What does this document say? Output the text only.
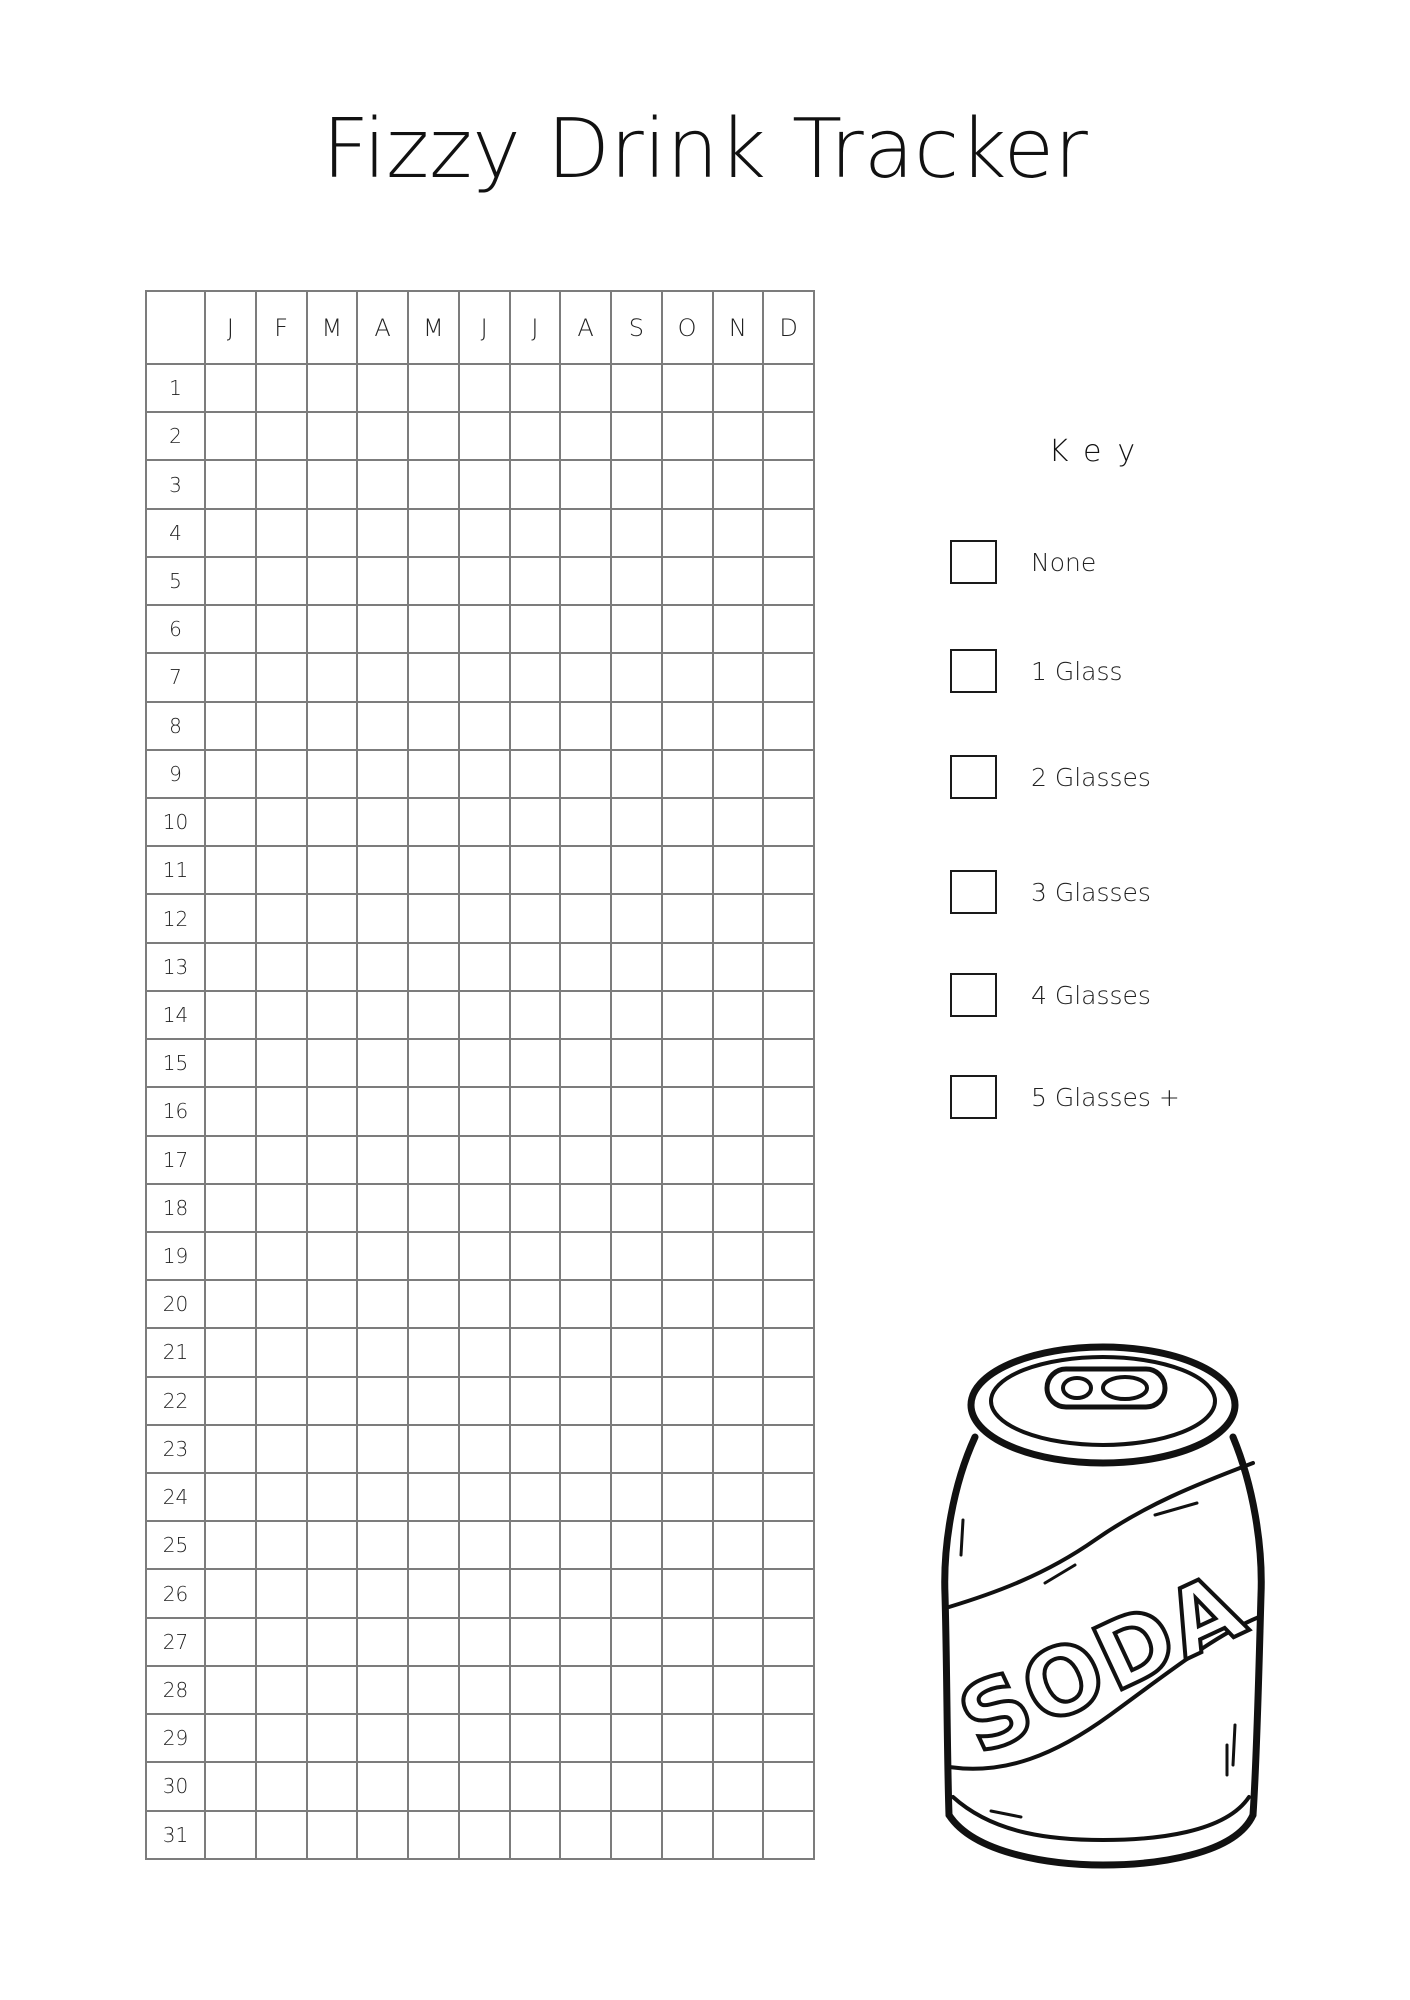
Fizzy Drink Tracker
	J	F	M	A	M	J	J	A	S	O	N	D
1												
2												
3												
4												
5												
6												
7												
8												
9												
10												
11												
12												
13												
14												
15												
16												
17												
18												
19												
20												
21												
22												
23												
24												
25												
26												
27												
28												
29												
30												
31												
Key
None
1 Glass
2 Glasses
3 Glasses
4 Glasses
5 Glasses +
SODA
